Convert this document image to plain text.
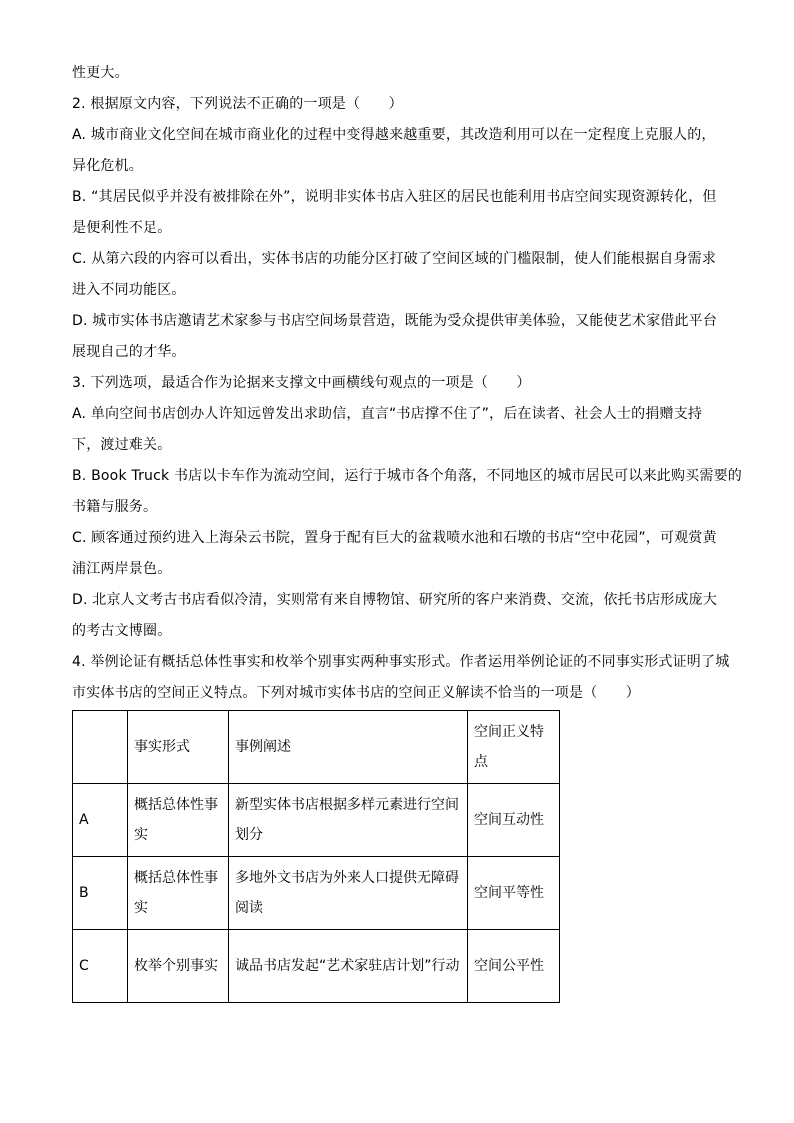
性更大。
2. 根据原文内容，下列说法不正确的一项是（　　）
A. 城市商业文化空间在城市商业化的过程中变得越来越重要，其改造利用可以在一定程度上克服人的，
异化危机。
B. “其居民似乎并没有被排除在外”，说明非实体书店入驻区的居民也能利用书店空间实现资源转化，但
是便利性不足。
C. 从第六段的内容可以看出，实体书店的功能分区打破了空间区域的门槛限制，使人们能根据自身需求
进入不同功能区。
D. 城市实体书店邀请艺术家参与书店空间场景营造，既能为受众提供审美体验，又能使艺术家借此平台
展现自己的才华。
3. 下列选项，最适合作为论据来支撑文中画横线句观点的一项是（　　）
A. 单向空间书店创办人许知远曾发出求助信，直言“书店撑不住了”，后在读者、社会人士的捐赠支持
下，渡过难关。
B. Book Truck 书店以卡车作为流动空间，运行于城市各个角落，不同地区的城市居民可以来此购买需要的
书籍与服务。
C. 顾客通过预约进入上海朵云书院，置身于配有巨大的盆栽喷水池和石墩的书店“空中花园”，可观赏黄
浦江两岸景色。
D. 北京人文考古书店看似冷清，实则常有来自博物馆、研究所的客户来消费、交流，依托书店形成庞大
的考古文博圈。
4. 举例论证有概括总体性事实和枚举个别事实两种事实形式。作者运用举例论证的不同事实形式证明了城
市实体书店的空间正义特点。下列对城市实体书店的空间正义解读不恰当的一项是（　　）
	事实形式	事例阐述	空间正义特点
A	概括总体性事实	新型实体书店根据多样元素进行空间划分	空间互动性
B	概括总体性事实	多地外文书店为外来人口提供无障碍阅读	空间平等性
C	枚举个别事实	诚品书店发起“艺术家驻店计划”行动	空间公平性
